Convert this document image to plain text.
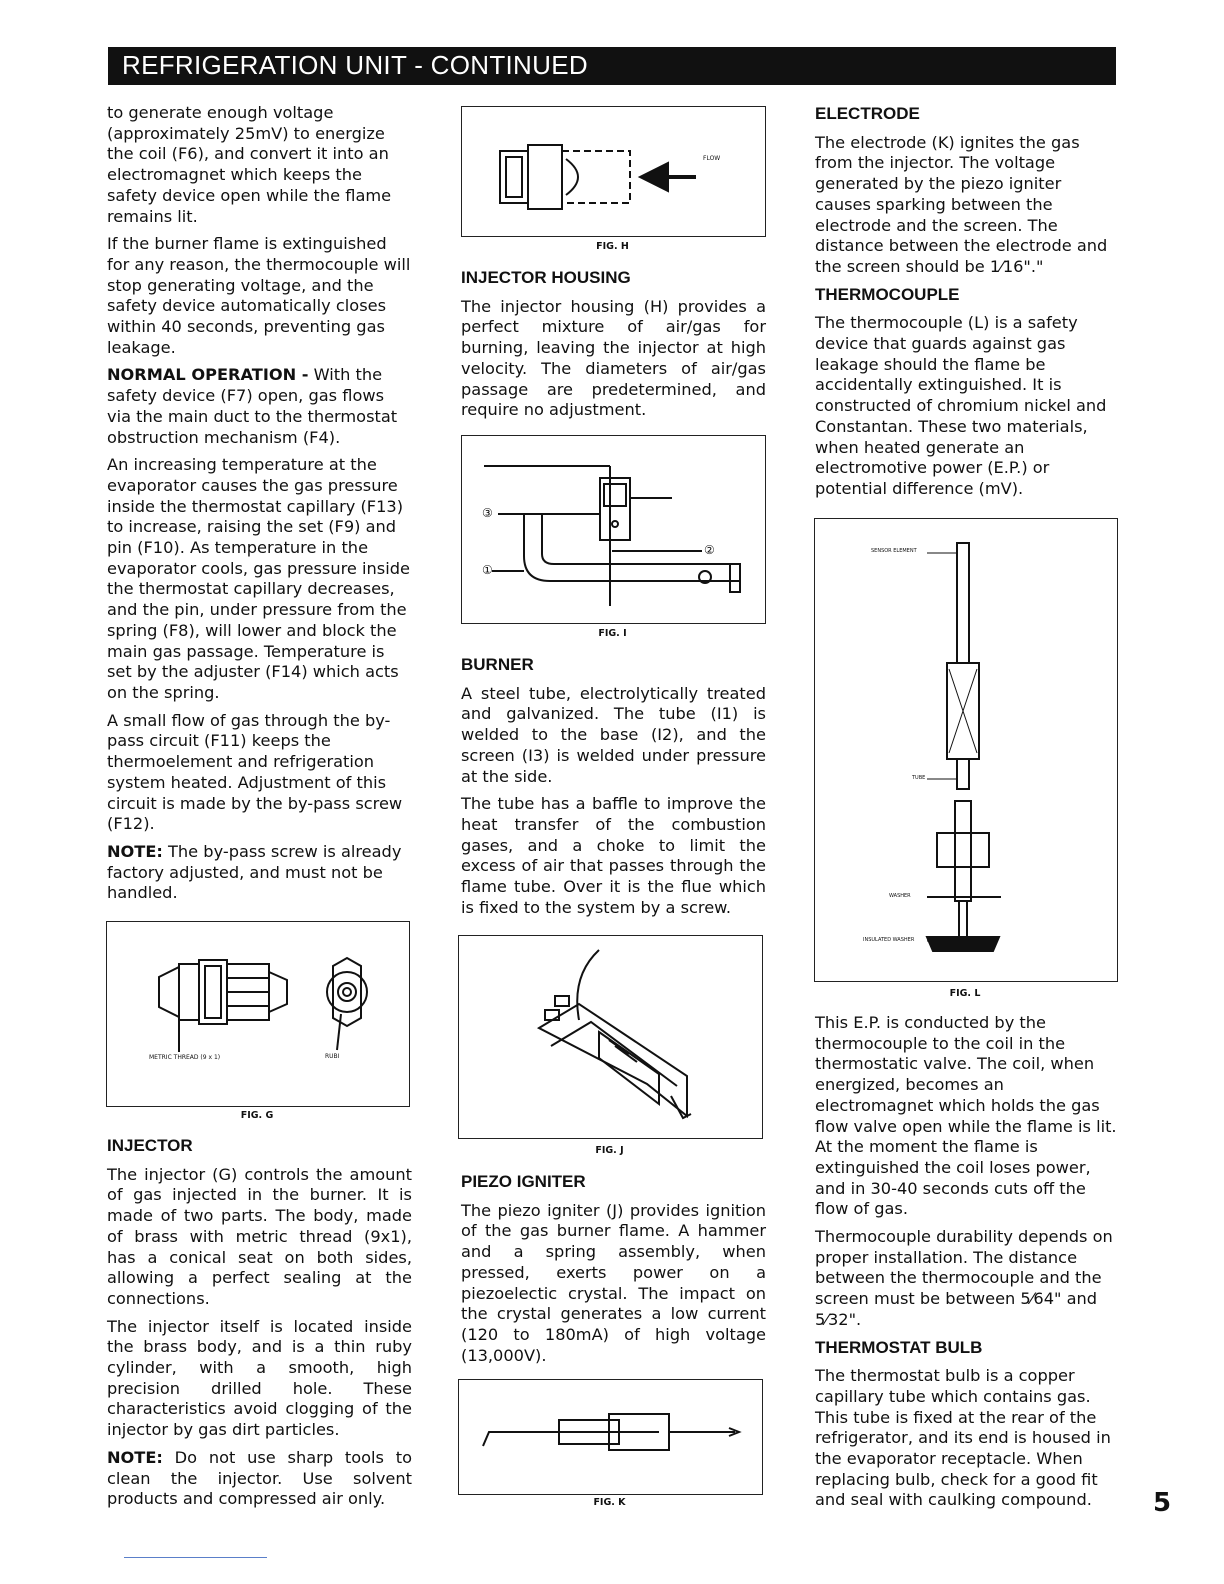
REFRIGERATION UNIT - CONTINUED

to generate enough voltage (approximately 25mV) to energize the coil (F6), and convert it into an electromagnet which keeps the safety device open while the flame remains lit.

If the burner flame is extinguished for any reason, the thermocouple will stop generating voltage, and the safety device automatically closes within 40 seconds, preventing gas leakage.

NORMAL OPERATION - With the safety device (F7) open, gas flows via the main duct to the thermostat obstruction mechanism (F4).

An increasing temperature at the evaporator causes the gas pressure inside the thermostat capillary (F13) to increase, raising the set (F9) and pin (F10). As temperature in the evaporator cools, gas pressure inside the thermostat capillary decreases, and the pin, under pressure from the spring (F8), will lower and block the main gas passage. Temperature is set by the adjuster (F14) which acts on the spring.

A small flow of gas through the by-pass circuit (F11) keeps the thermoelement and refrigeration system heated. Adjustment of this circuit is made by the by-pass screw (F12).

NOTE: The by-pass screw is already factory adjusted, and must not be handled.

METRIC THREAD (9 x 1)	RUBI
FIG. G
INJECTOR

The injector (G) controls the amount of gas injected in the burner. It is made of two parts. The body, made of brass with metric thread (9x1), has a conical seat on both sides, allowing a perfect sealing at the connections.

The injector itself is located inside the brass body, and is a thin ruby cylinder, with a smooth, high precision drilled hole. These characteristics avoid clogging of the injector by gas dirt particles.

NOTE: Do not use sharp tools to clean the injector. Use solvent products and compressed air only.

FLOW
FIG. H
INJECTOR HOUSING

The injector housing (H) provides a perfect mixture of air/gas for burning, leaving the injector at high velocity. The diameters of air/gas passage are predetermined, and require no adjustment.

③
①
②
FIG. I
BURNER

A steel tube, electrolytically treated and galvanized. The tube (I1) is welded to the base (I2), and the screen (I3) is welded under pressure at the side.

The tube has a baffle to improve the heat transfer of the combustion gases, and a choke to limit the excess of air that passes through the flame tube. Over it is the flue which is fixed to the system by a screw.

FIG. J
PIEZO IGNITER

The piezo igniter (J) provides ignition of the gas burner flame. A hammer and a spring assembly, when pressed, exerts power on a piezoelectic crystal. The impact on the crystal generates a low current (120 to 180mA) of high voltage (13,000V).

FIG. K
ELECTRODE

The electrode (K) ignites the gas from the injector. The voltage generated by the piezo igniter causes sparking between the electrode and the screen. The distance between the electrode and the screen should be 1⁄16"."

THERMOCOUPLE

The thermocouple (L) is a safety device that guards against gas leakage should the flame be accidentally extinguished. It is constructed of chromium nickel and Constantan. These two materials, when heated generate an electromotive power (E.P.) or potential difference (mV).

SENSOR ELEMENT
TUBE
WASHER
INSULATED WASHER
FIG. L

This E.P. is conducted by the thermocouple to the coil in the thermostatic valve. The coil, when energized, becomes an electromagnet which holds the gas flow valve open while the flame is lit. At the moment the flame is extinguished the coil loses power, and in 30-40 seconds cuts off the flow of gas.

Thermocouple durability depends on proper installation. The distance between the thermocouple and the screen must be between 5⁄64" and 5⁄32".

THERMOSTAT BULB

The thermostat bulb is a copper capillary tube which contains gas. This tube is fixed at the rear of the refrigerator, and its end is housed in the evaporator receptacle. When replacing bulb, check for a good fit and seal with caulking compound.	5
